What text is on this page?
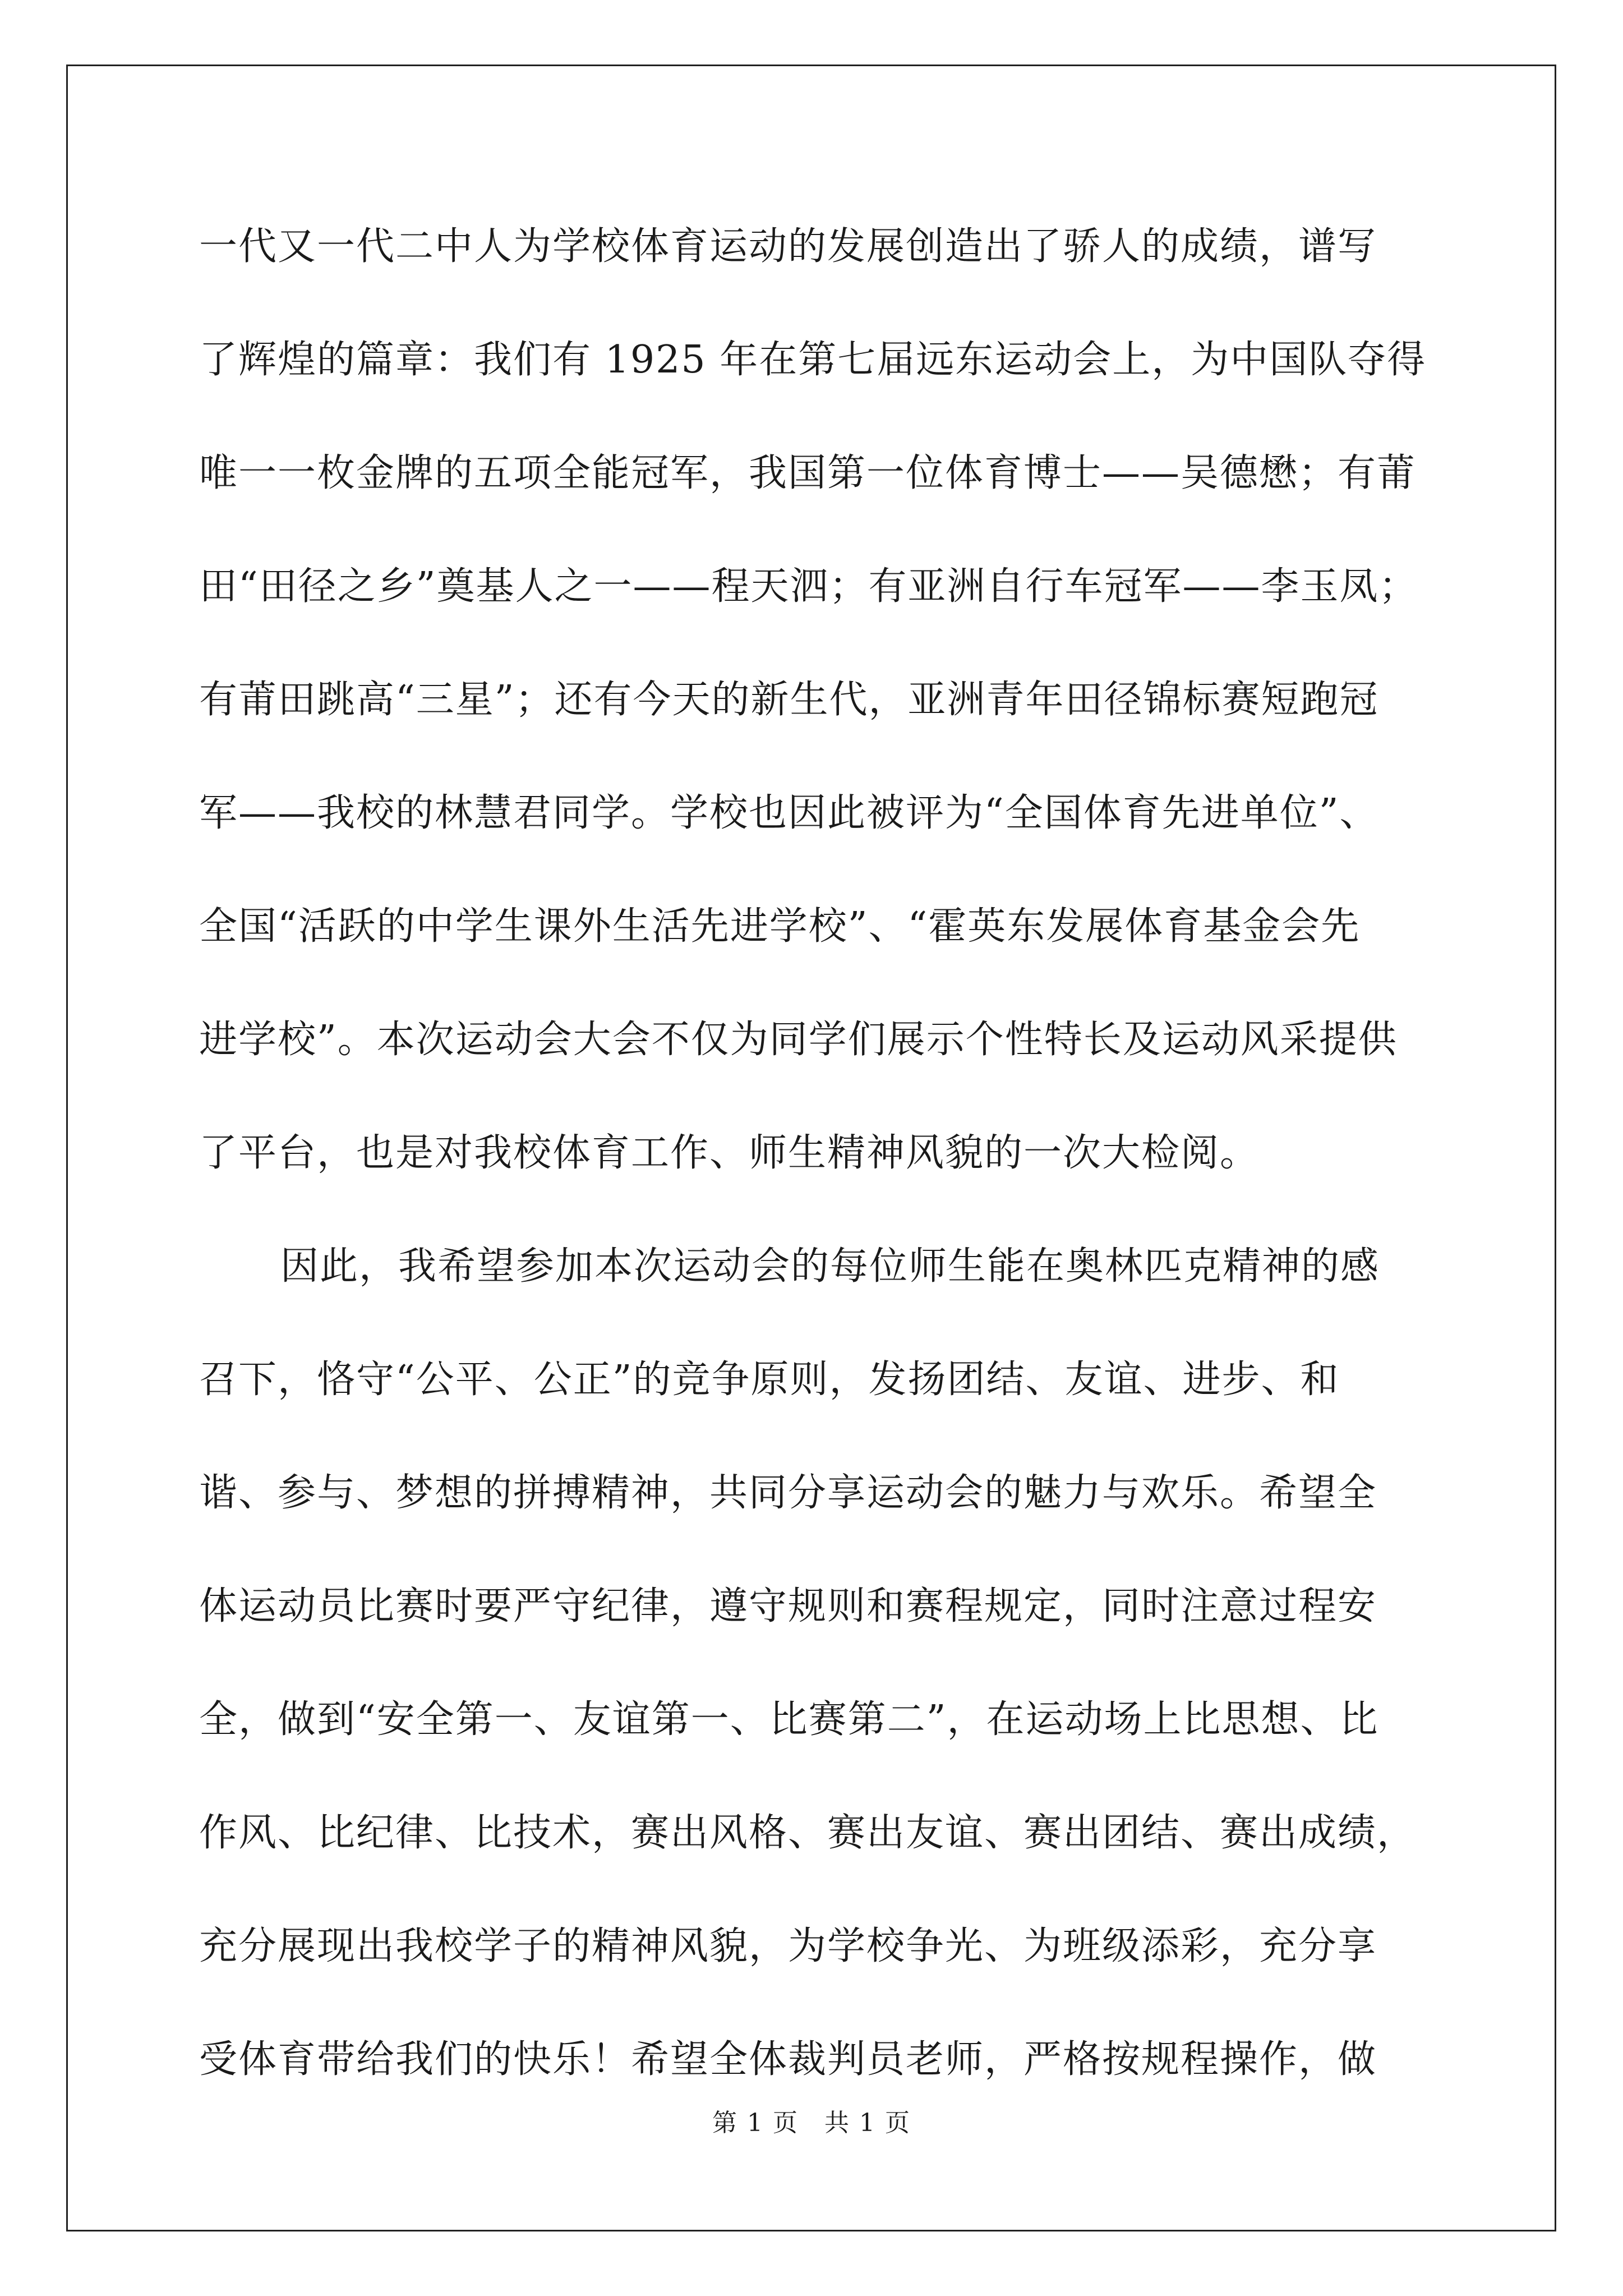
一代又一代二中人为学校体育运动的发展创造出了骄人的成绩，谱写
了辉煌的篇章：我们有 1925 年在第七届远东运动会上，为中国队夺得
唯一一枚金牌的五项全能冠军，我国第一位体育博士——吴德懋；有莆
田“田径之乡”奠基人之一——程天泗；有亚洲自行车冠军——李玉凤；
有莆田跳高“三星”；还有今天的新生代，亚洲青年田径锦标赛短跑冠
军——我校的林慧君同学。学校也因此被评为“全国体育先进单位”、
全国“活跃的中学生课外生活先进学校”、“霍英东发展体育基金会先
进学校”。本次运动会大会不仅为同学们展示个性特长及运动风采提供
了平台，也是对我校体育工作、师生精神风貌的一次大检阅。
因此，我希望参加本次运动会的每位师生能在奥林匹克精神的感
召下，恪守“公平、公正”的竞争原则，发扬团结、友谊、进步、和
谐、参与、梦想的拼搏精神，共同分享运动会的魅力与欢乐。希望全
体运动员比赛时要严守纪律，遵守规则和赛程规定，同时注意过程安
全，做到“安全第一、友谊第一、比赛第二”，在运动场上比思想、比
作风、比纪律、比技术，赛出风格、赛出友谊、赛出团结、赛出成绩，
充分展现出我校学子的精神风貌，为学校争光、为班级添彩，充分享
受体育带给我们的快乐！希望全体裁判员老师，严格按规程操作，做
第 1 页　共 1 页
